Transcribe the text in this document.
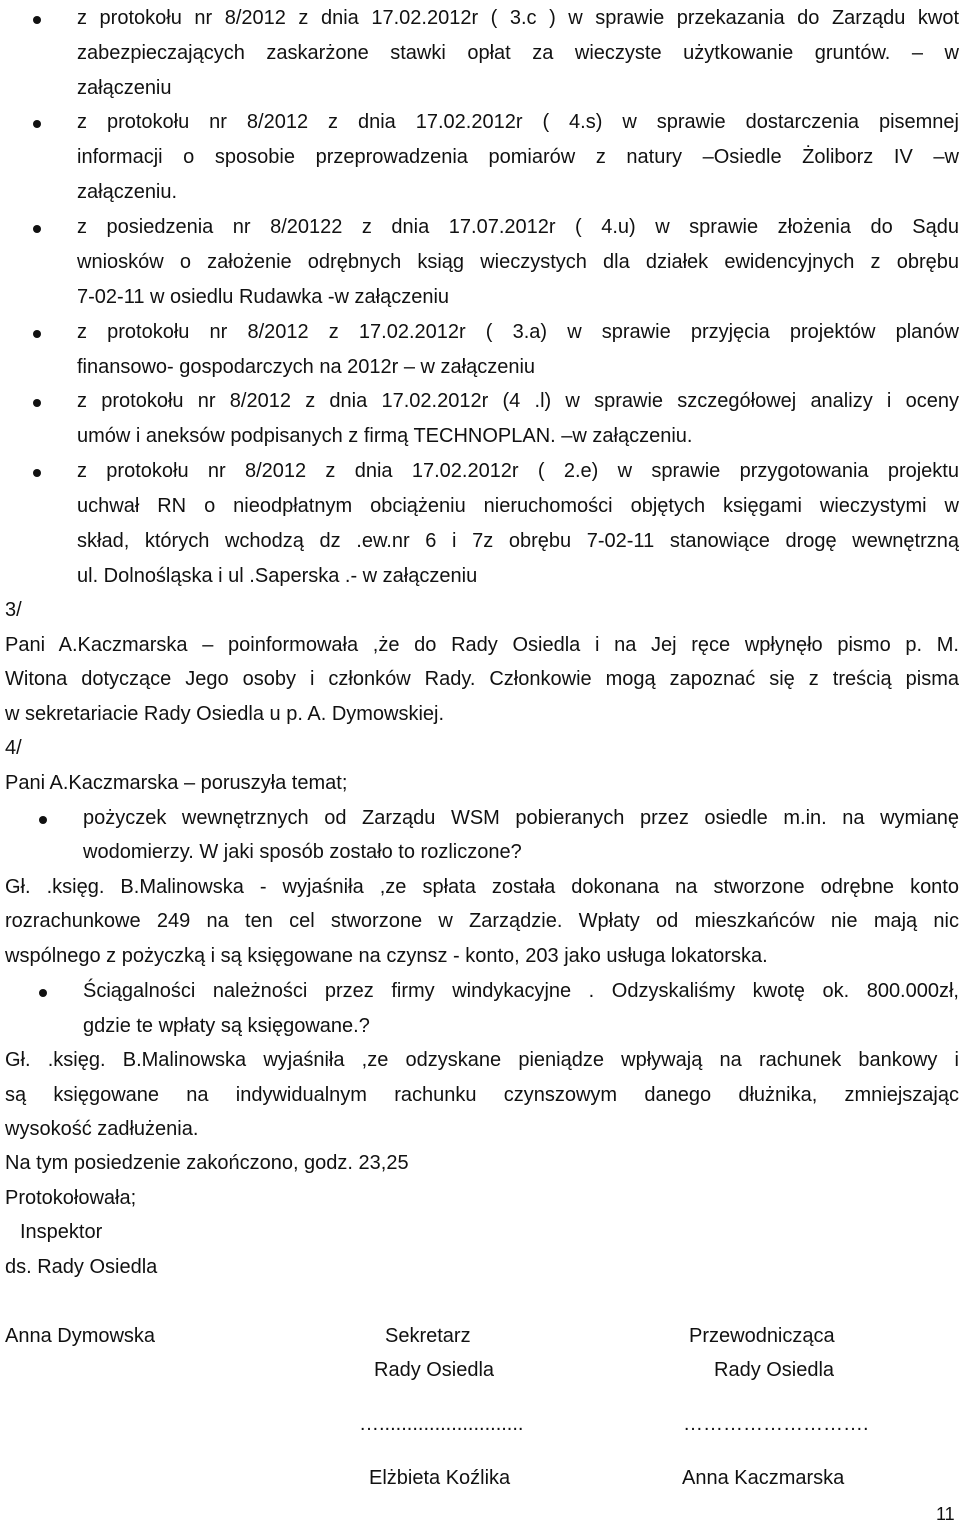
z protokołu nr 8/2012 z dnia 17.02.2012r ( 3.c ) w sprawie przekazania do Zarządu kwot
zabezpieczających zaskarżone stawki opłat za wieczyste użytkowanie gruntów. – w
załączeniu
z protokołu nr 8/2012 z dnia 17.02.2012r ( 4.s) w sprawie dostarczenia pisemnej
informacji o sposobie przeprowadzenia pomiarów z natury –Osiedle Żoliborz IV –w
załączeniu.
z posiedzenia nr 8/20122 z dnia 17.07.2012r ( 4.u) w sprawie złożenia do Sądu
wniosków o założenie odrębnych ksiąg wieczystych dla działek ewidencyjnych z obrębu
7-02-11 w osiedlu Rudawka -w załączeniu
z protokołu nr 8/2012 z 17.02.2012r ( 3.a) w sprawie przyjęcia projektów planów
finansowo- gospodarczych na 2012r – w załączeniu
z protokołu nr 8/2012 z dnia 17.02.2012r (4 .l) w sprawie szczegółowej analizy i oceny
umów i aneksów podpisanych z firmą TECHNOPLAN. –w załączeniu.
z protokołu nr 8/2012 z dnia 17.02.2012r ( 2.e) w sprawie przygotowania projektu
uchwał RN o nieodpłatnym obciążeniu nieruchomości objętych księgami wieczystymi w
skład, których wchodzą dz .ew.nr 6 i 7z obrębu 7-02-11 stanowiące drogę wewnętrzną
ul. Dolnośląska i ul .Saperska .- w załączeniu
3/
Pani A.Kaczmarska – poinformowała ,że do Rady Osiedla i na Jej ręce wpłynęło pismo p. M.
Witona dotyczące Jego osoby i członków Rady. Członkowie mogą zapoznać się z treścią pisma
w sekretariacie Rady Osiedla u p. A. Dymowskiej.
4/
Pani A.Kaczmarska – poruszyła temat;
pożyczek wewnętrznych od Zarządu WSM pobieranych przez osiedle m.in. na wymianę
wodomierzy. W jaki sposób zostało to rozliczone?
Gł. .księg. B.Malinowska - wyjaśniła ,ze spłata została dokonana na stworzone odrębne konto
rozrachunkowe 249 na ten cel stworzone w Zarządzie. Wpłaty od mieszkańców nie mają nic
wspólnego z pożyczką i są księgowane na czynsz - konto, 203 jako usługa lokatorska.
Ściągalności należności przez firmy windykacyjne . Odzyskaliśmy kwotę ok. 800.000zł,
gdzie te wpłaty są księgowane.?
Gł. .księg. B.Malinowska wyjaśniła ,ze odzyskane pieniądze wpływają na rachunek bankowy i
są księgowane na indywidualnym rachunku czynszowym danego dłużnika, zmniejszając
wysokość zadłużenia.
Na tym posiedzenie zakończono, godz. 23,25
Protokołowała;
Inspektor
ds. Rady Osiedla
Anna Dymowska	Sekretarz
Rady Osiedla
…..........................
Elżbieta Koźlika
Przewodnicząca
Rady Osiedla
……………………….
Anna Kaczmarska
11
